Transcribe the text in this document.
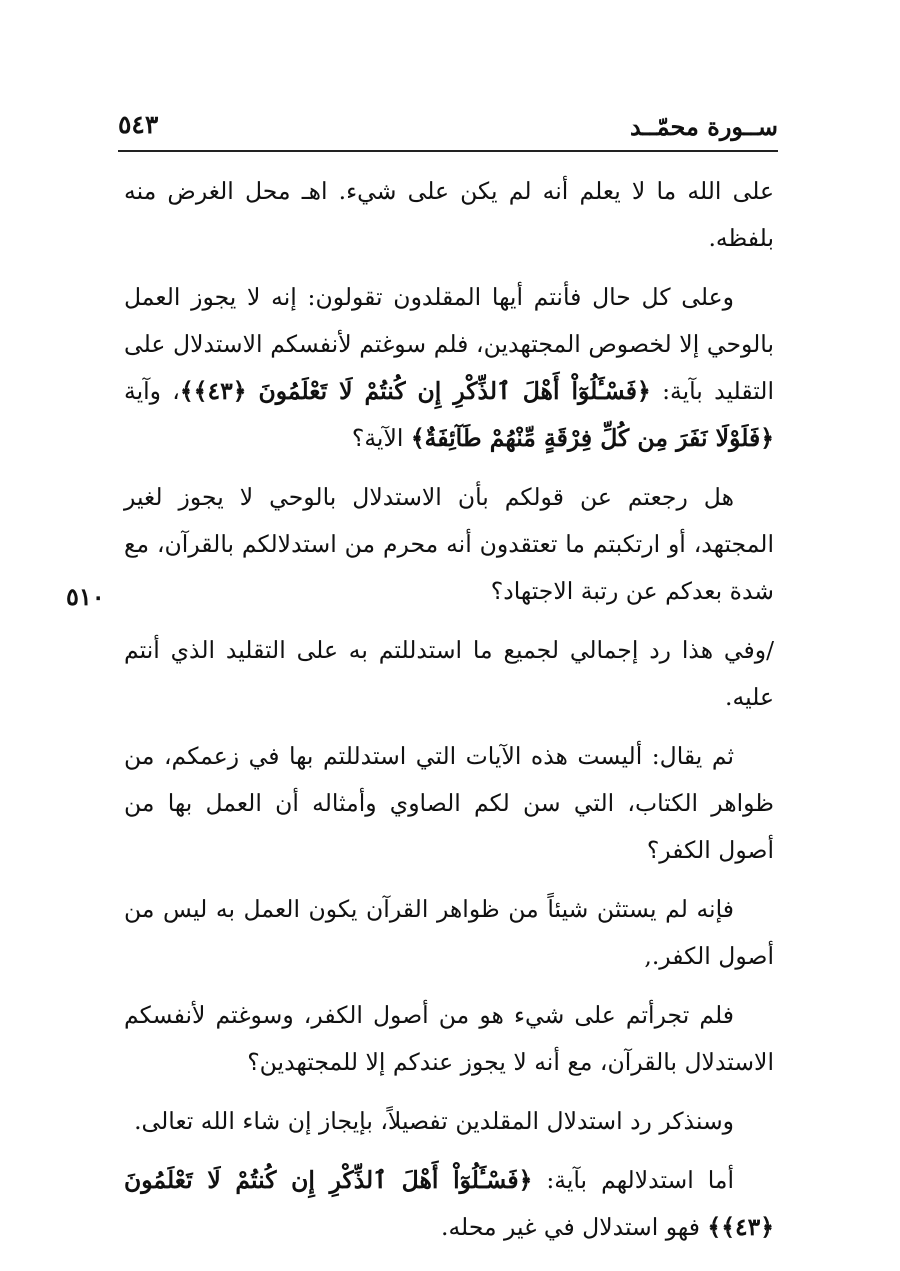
ســورة محمّــد
٥٤٣
٥١٠

على الله ما لا يعلم أنه لم يكن على شيء. اهـ محل الغرض منه بلفظه.

وعلى كل حال فأنتم أيها المقلدون تقولون: إنه لا يجوز العمل بالوحي إلا لخصوص المجتهدين، فلم سوغتم لأنفسكم الاستدلال على التقليد بآية: ﴿فَسْـَٔلُوٓاْ أَهْلَ ٱلذِّكْرِ إِن كُنتُمْ لَا تَعْلَمُونَ ﴿٤٣﴾﴾، وآية ﴿فَلَوْلَا نَفَرَ مِن كُلِّ فِرْقَةٍ مِّنْهُمْ طَآئِفَةٌ﴾ الآية؟

هل رجعتم عن قولكم بأن الاستدلال بالوحي لا يجوز لغير المجتهد، أو ارتكبتم ما تعتقدون أنه محرم من استدلالكم بالقرآن، مع شدة بعدكم عن رتبة الاجتهاد؟

/وفي هذا رد إجمالي لجميع ما استدللتم به على التقليد الذي أنتم عليه.

ثم يقال: أليست هذه الآيات التي استدللتم بها في زعمكم، من ظواهر الكتاب، التي سن لكم الصاوي وأمثاله أن العمل بها من أصول الكفر؟

فإنه لم يستثن شيئاً من ظواهر القرآن يكون العمل به ليس من أصول الكفر.,

فلم تجرأتم على شيء هو من أصول الكفر، وسوغتم لأنفسكم الاستدلال بالقرآن، مع أنه لا يجوز عندكم إلا للمجتهدين؟

وسنذكر رد استدلال المقلدين تفصيلاً، بإيجاز إن شاء الله تعالى.

أما استدلالهم بآية: ﴿فَسْـَٔلُوٓاْ أَهْلَ ٱلذِّكْرِ إِن كُنتُمْ لَا تَعْلَمُونَ ﴿٤٣﴾﴾ فهو استدلال في غير محله.
